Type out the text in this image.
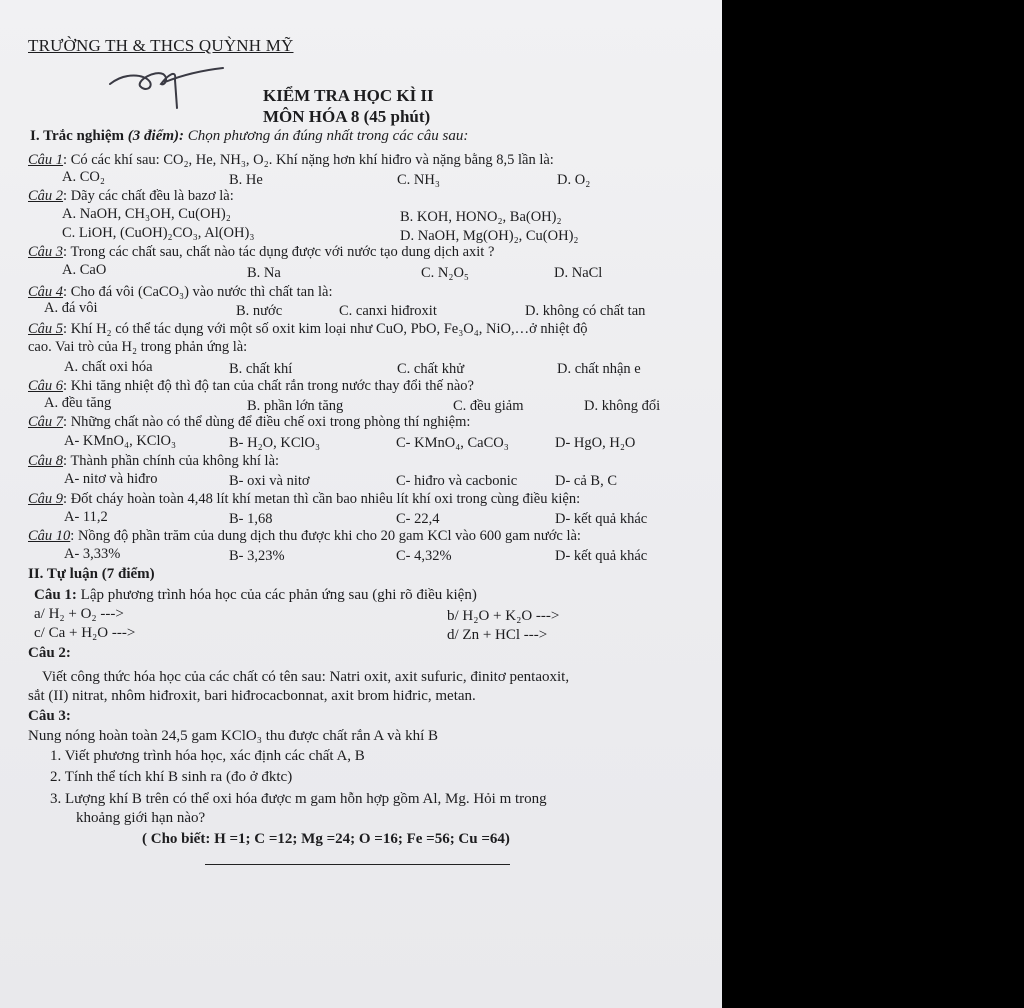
TRƯỜNG TH & THCS QUỲNH MỸ
KIỂM TRA HỌC KÌ II
MÔN HÓA 8 (45 phút)
I. Trắc nghiệm (3 điểm): Chọn phương án đúng nhất trong các câu sau:
Câu 1: Có các khí sau: CO₂, He, NH₃, O₂. Khí nặng hơn khí hiđro và nặng bằng 8,5 lần là:
A. CO₂	B. He	C. NH₃	D. O₂
Câu 2: Dãy các chất đều là bazơ là:
A. NaOH, CH₃OH, Cu(OH)₂	B. KOH, HONO₂, Ba(OH)₂
C. LiOH, (CuOH)₂CO₃, Al(OH)₃	D. NaOH, Mg(OH)₂, Cu(OH)₂
Câu 3: Trong các chất sau, chất nào tác dụng được với nước tạo dung dịch axit ?
A. CaO	B. Na	C. N₂O₅	D. NaCl
Câu 4: Cho đá vôi (CaCO₃) vào nước thì chất tan là:
A. đá vôi	B. nước	C. canxi hiđroxit	D. không có chất tan
Câu 5: Khí H₂ có thể tác dụng với một số oxit kim loại như CuO, PbO, Fe₃O₄, NiO,…ở nhiệt độ
cao. Vai trò của H₂ trong phản ứng là:
A. chất oxi hóa	B. chất khí	C. chất khử	D. chất nhận e
Câu 6: Khi tăng nhiệt độ thì độ tan của chất rắn trong nước thay đổi thế nào?
A. đều tăng	B. phần lớn tăng	C. đều giảm	D. không đổi
Câu 7: Những chất nào có thể dùng để điều chế oxi trong phòng thí nghiệm:
A- KMnO₄, KClO₃	B- H₂O, KClO₃	C- KMnO₄, CaCO₃	D- HgO, H₂O
Câu 8: Thành phần chính của không khí là:
A- nitơ và hiđro	B- oxi và nitơ	C- hiđro và cacbonic	D- cả B, C
Câu 9: Đốt cháy hoàn toàn 4,48 lít khí metan thì cần bao nhiêu lít khí oxi trong cùng điều kiện:
A- 11,2	B- 1,68	C- 22,4	D- kết quả khác
Câu 10: Nồng độ phần trăm của dung dịch thu được khi cho 20 gam KCl vào 600 gam nước là:
A- 3,33%	B- 3,23%	C- 4,32%	D- kết quả khác
II. Tự luận (7 điểm)
Câu 1: Lập phương trình hóa học của các phản ứng sau (ghi rõ điều kiện)
a/ H₂ + O₂ --->	b/ H₂O + K₂O --->
c/ Ca + H₂O --->	d/ Zn + HCl --->
Câu 2:
Viết công thức hóa học của các chất có tên sau: Natri oxit, axit sufuric, đinitơ pentaoxit,
sắt (II) nitrat, nhôm hiđroxit, bari hiđrocacbonnat, axit brom hiđric, metan.
Câu 3:
Nung nóng hoàn toàn 24,5 gam KClO₃ thu được chất rắn A và khí B
1. Viết phương trình hóa học, xác định các chất A, B
2. Tính thể tích khí B sinh ra (đo ở đktc)
3. Lượng khí B trên có thể oxi hóa được m gam hỗn hợp gồm Al, Mg. Hỏi m trong
khoảng giới hạn nào?
( Cho biết: H =1; C =12; Mg =24; O =16; Fe =56; Cu =64)
